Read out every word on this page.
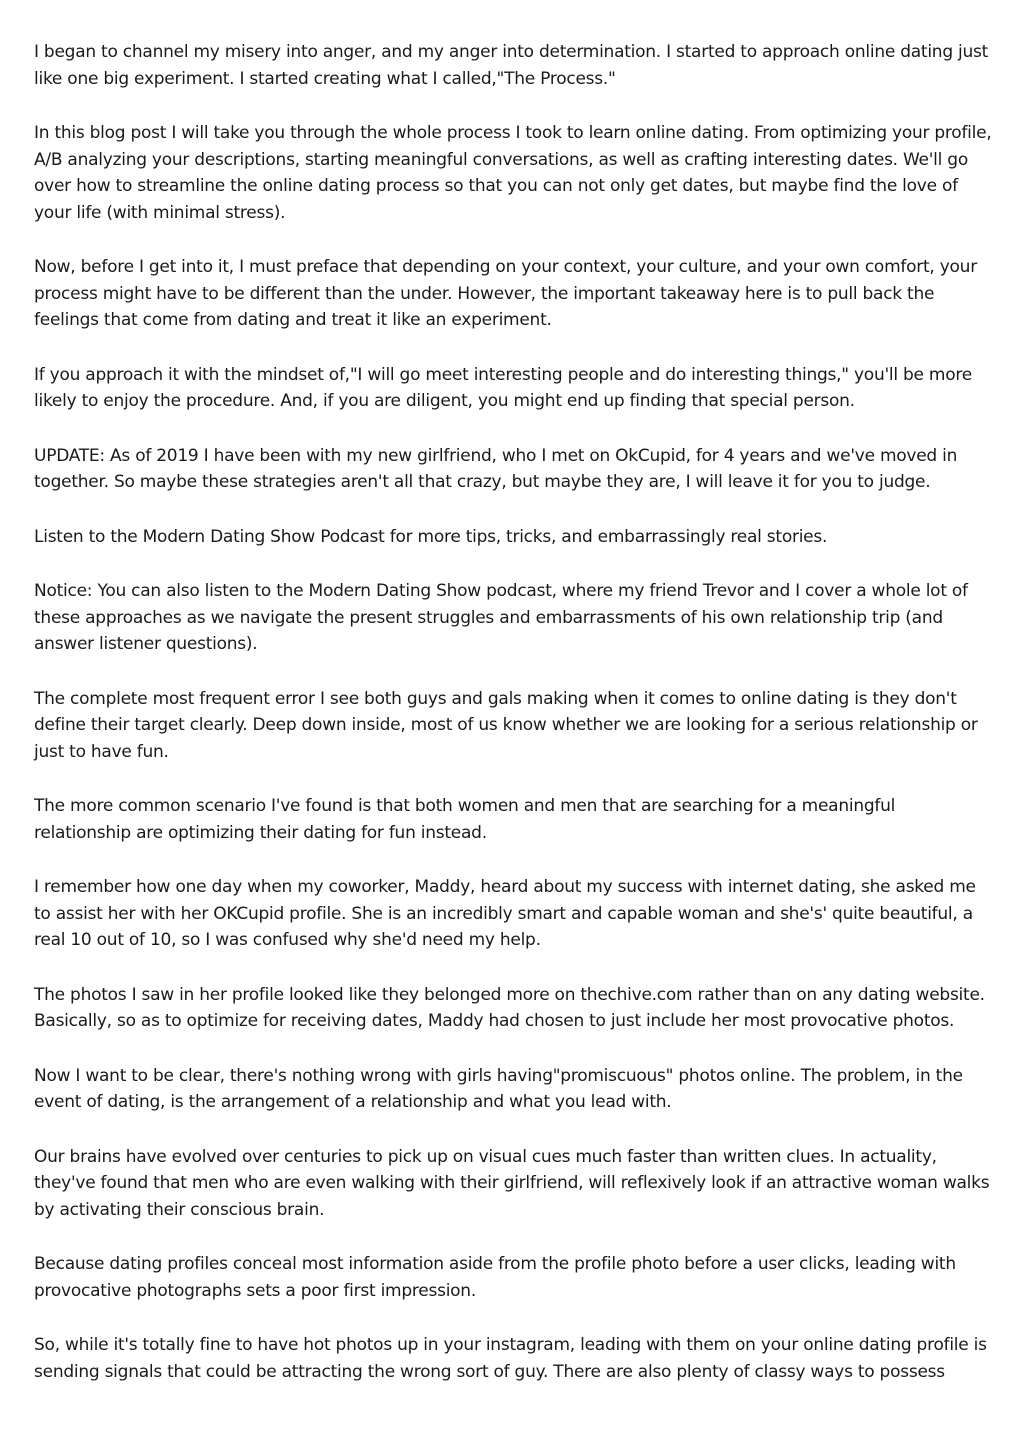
I began to channel my misery into anger, and my anger into determination. I started to approach online dating just like one big experiment. I started creating what I called,"The Process."

In this blog post I will take you through the whole process I took to learn online dating. From optimizing your profile, A/B analyzing your descriptions, starting meaningful conversations, as well as crafting interesting dates. We'll go over how to streamline the online dating process so that you can not only get dates, but maybe find the love of your life (with minimal stress).

Now, before I get into it, I must preface that depending on your context, your culture, and your own comfort, your process might have to be different than the under. However, the important takeaway here is to pull back the feelings that come from dating and treat it like an experiment.

If you approach it with the mindset of,"I will go meet interesting people and do interesting things," you'll be more likely to enjoy the procedure. And, if you are diligent, you might end up finding that special person.

UPDATE: As of 2019 I have been with my new girlfriend, who I met on OkCupid, for 4 years and we've moved in together. So maybe these strategies aren't all that crazy, but maybe they are, I will leave it for you to judge.

Listen to the Modern Dating Show Podcast for more tips, tricks, and embarrassingly real stories.

Notice: You can also listen to the Modern Dating Show podcast, where my friend Trevor and I cover a whole lot of these approaches as we navigate the present struggles and embarrassments of his own relationship trip (and answer listener questions).

The complete most frequent error I see both guys and gals making when it comes to online dating is they don't define their target clearly. Deep down inside, most of us know whether we are looking for a serious relationship or just to have fun.

The more common scenario I've found is that both women and men that are searching for a meaningful relationship are optimizing their dating for fun instead.

I remember how one day when my coworker, Maddy, heard about my success with internet dating, she asked me to assist her with her OKCupid profile. She is an incredibly smart and capable woman and she's' quite beautiful, a real 10 out of 10, so I was confused why she'd need my help.

The photos I saw in her profile looked like they belonged more on thechive.com rather than on any dating website. Basically, so as to optimize for receiving dates, Maddy had chosen to just include her most provocative photos.

Now I want to be clear, there's nothing wrong with girls having"promiscuous" photos online. The problem, in the event of dating, is the arrangement of a relationship and what you lead with.

Our brains have evolved over centuries to pick up on visual cues much faster than written clues. In actuality, they've found that men who are even walking with their girlfriend, will reflexively look if an attractive woman walks by activating their conscious brain.

Because dating profiles conceal most information aside from the profile photo before a user clicks, leading with provocative photographs sets a poor first impression.

So, while it's totally fine to have hot photos up in your instagram, leading with them on your online dating profile is sending signals that could be attracting the wrong sort of guy. There are also plenty of classy ways to possess
